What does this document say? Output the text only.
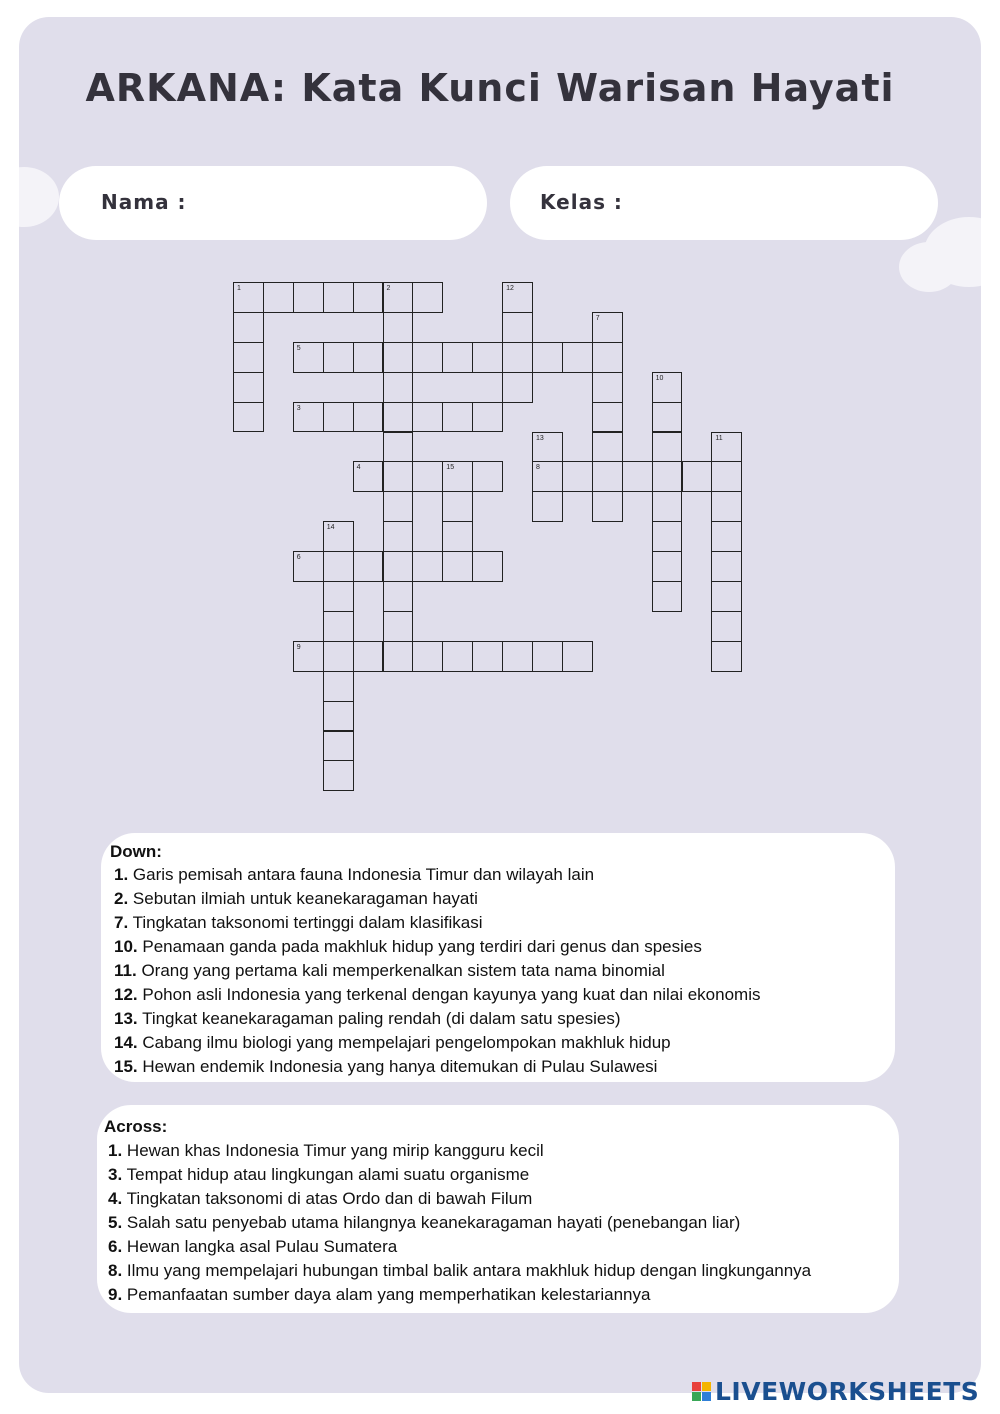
ARKANA: Kata Kunci Warisan Hayati
Nama :	Kelas :
1	2	12
7
5
10
3
13	11
4	15	8
14
6
9
Down:
1. Garis pemisah antara fauna Indonesia Timur dan wilayah lain
2. Sebutan ilmiah untuk keanekaragaman hayati
7. Tingkatan taksonomi tertinggi dalam klasifikasi
10. Penamaan ganda pada makhluk hidup yang terdiri dari genus dan spesies
11. Orang yang pertama kali memperkenalkan sistem tata nama binomial
12. Pohon asli Indonesia yang terkenal dengan kayunya yang kuat dan nilai ekonomis
13. Tingkat keanekaragaman paling rendah (di dalam satu spesies)
14. Cabang ilmu biologi yang mempelajari pengelompokan makhluk hidup
15. Hewan endemik Indonesia yang hanya ditemukan di Pulau Sulawesi
Across:
1. Hewan khas Indonesia Timur yang mirip kangguru kecil
3. Tempat hidup atau lingkungan alami suatu organisme
4. Tingkatan taksonomi di atas Ordo dan di bawah Filum
5. Salah satu penyebab utama hilangnya keanekaragaman hayati (penebangan liar)
6. Hewan langka asal Pulau Sumatera
8. Ilmu yang mempelajari hubungan timbal balik antara makhluk hidup dengan lingkungannya
9. Pemanfaatan sumber daya alam yang memperhatikan kelestariannya
LIVEWORKSHEETS
